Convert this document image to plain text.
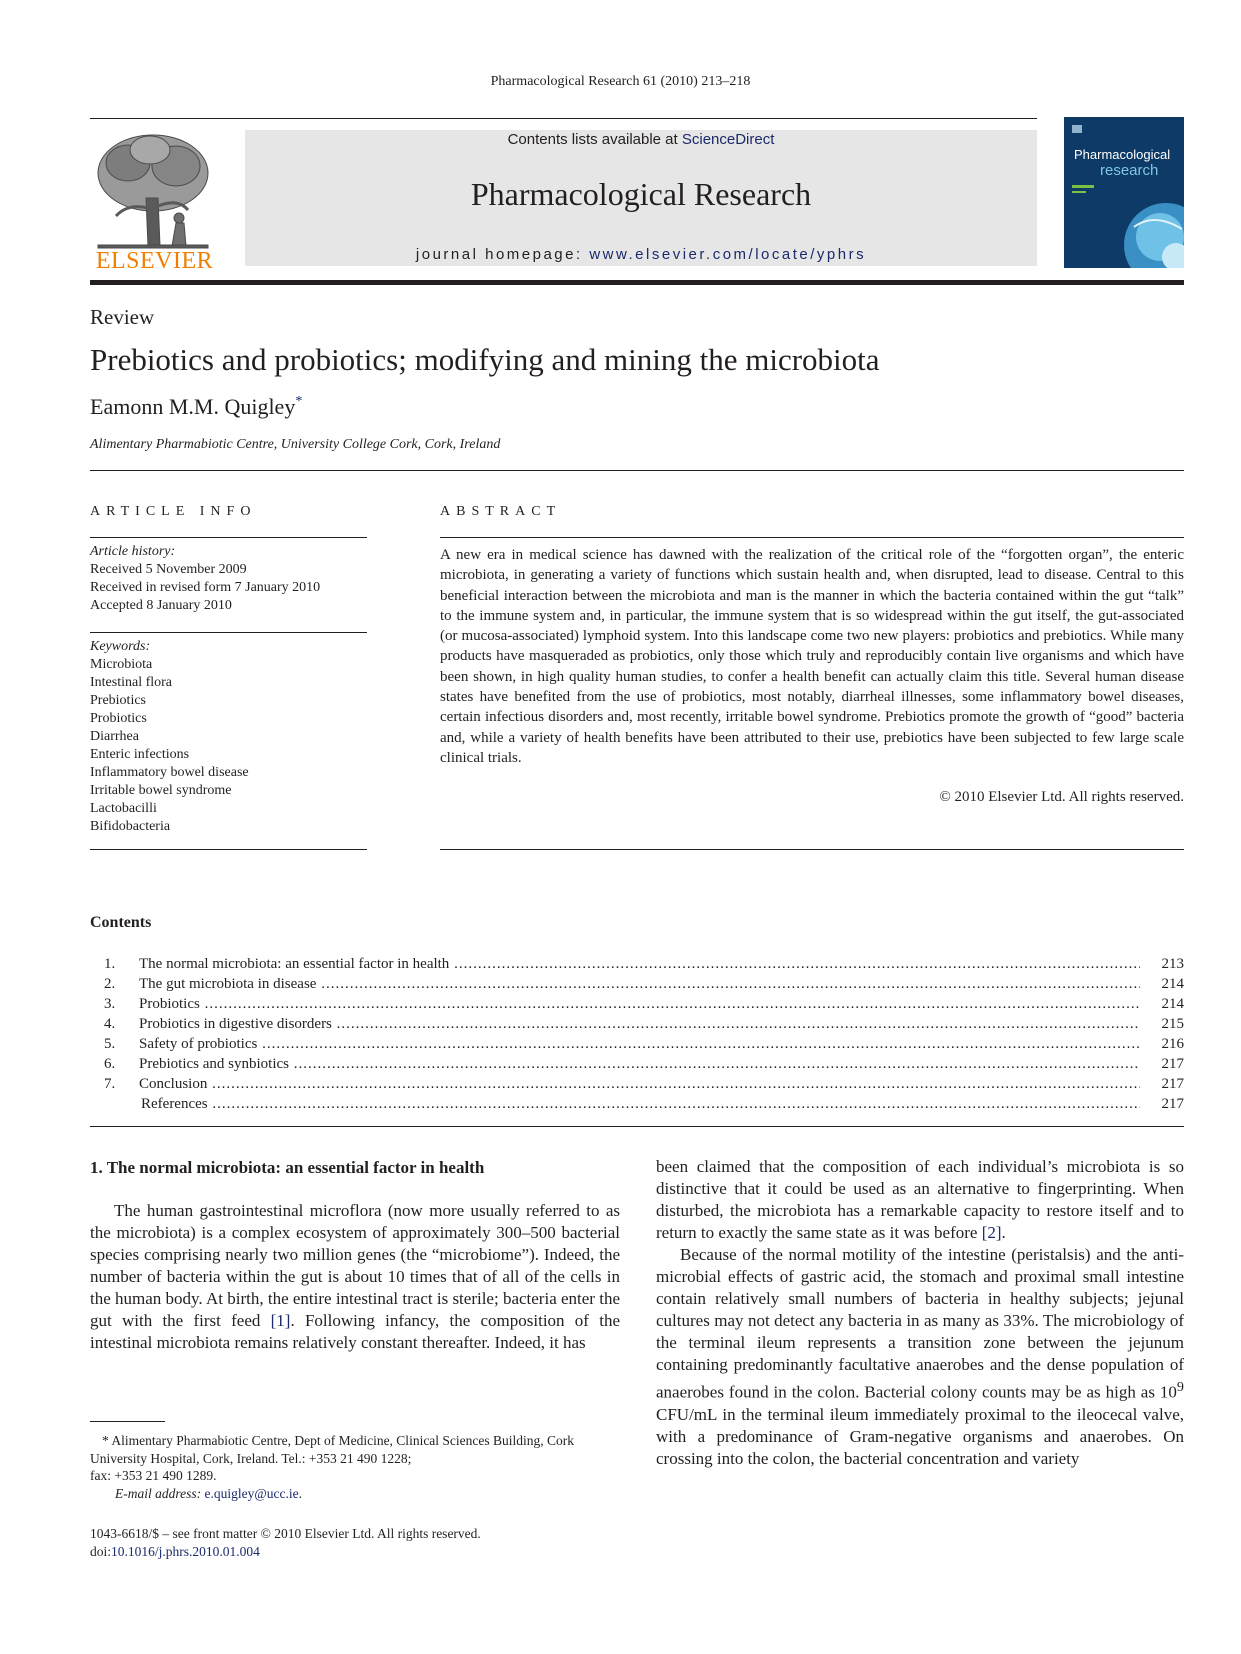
Pharmacological Research 61 (2010) 213–218
ELSEVIER
Contents lists available at ScienceDirect
Pharmacological Research
journal homepage: www.elsevier.com/locate/yphrs
Pharmacological
research
Review
Prebiotics and probiotics; modifying and mining the microbiota
Eamonn M.M. Quigley*
Alimentary Pharmabiotic Centre, University College Cork, Cork, Ireland
ARTICLE INFO
Article history:
Received 5 November 2009
Received in revised form 7 January 2010
Accepted 8 January 2010
Keywords:
Microbiota
Intestinal flora
Prebiotics
Probiotics
Diarrhea
Enteric infections
Inflammatory bowel disease
Irritable bowel syndrome
Lactobacilli
Bifidobacteria
ABSTRACT
A new era in medical science has dawned with the realization of the critical role of the “forgotten organ”, the enteric microbiota, in generating a variety of functions which sustain health and, when disrupted, lead to disease. Central to this beneficial interaction between the microbiota and man is the manner in which the bacteria contained within the gut “talk” to the immune system and, in particular, the immune system that is so widespread within the gut itself, the gut-associated (or mucosa-associated) lymphoid system. Into this landscape come two new players: probiotics and prebiotics. While many products have masqueraded as probiotics, only those which truly and reproducibly contain live organisms and which have been shown, in high quality human studies, to confer a health benefit can actually claim this title. Several human disease states have benefited from the use of probiotics, most notably, diarrheal illnesses, some inflammatory bowel diseases, certain infectious disorders and, most recently, irritable bowel syndrome. Prebiotics promote the growth of “good” bacteria and, while a variety of health benefits have been attributed to their use, prebiotics have been subjected to few large scale clinical trials.
© 2010 Elsevier Ltd. All rights reserved.
Contents
1. The normal microbiota: an essential factor in health .....	213
2. The gut microbiota in disease .....	214
3. Probiotics .....	214
4. Probiotics in digestive disorders .....	215
5. Safety of probiotics .....	216
6. Prebiotics and synbiotics .....	217
7. Conclusion .....	217
References .....	217
1. The normal microbiota: an essential factor in health

The human gastrointestinal microflora (now more usually referred to as the microbiota) is a complex ecosystem of approximately 300–500 bacterial species comprising nearly two million genes (the “microbiome”). Indeed, the number of bacteria within the gut is about 10 times that of all of the cells in the human body. At birth, the entire intestinal tract is sterile; bacteria enter the gut with the first feed [1]. Following infancy, the composition of the intestinal microbiota remains relatively constant thereafter. Indeed, it has

been claimed that the composition of each individual’s microbiota is so distinctive that it could be used as an alternative to fingerprinting. When disturbed, the microbiota has a remarkable capacity to restore itself and to return to exactly the same state as it was before [2].

Because of the normal motility of the intestine (peristalsis) and the anti-microbial effects of gastric acid, the stomach and proximal small intestine contain relatively small numbers of bacteria in healthy subjects; jejunal cultures may not detect any bacteria in as many as 33%. The microbiology of the terminal ileum represents a transition zone between the jejunum containing predominantly facultative anaerobes and the dense population of anaerobes found in the colon. Bacterial colony counts may be as high as $10^9$ CFU/mL in the terminal ileum immediately proximal to the ileocecal valve, with a predominance of Gram-negative organisms and anaerobes. On crossing into the colon, the bacterial concentration and variety

* Alimentary Pharmabiotic Centre, Dept of Medicine, Clinical Sciences Building, Cork University Hospital, Cork, Ireland. Tel.: +353 21 490 1228;
fax: +353 21 490 1289.
E-mail address: e.quigley@ucc.ie.
1043-6618/$ – see front matter © 2010 Elsevier Ltd. All rights reserved.
doi:10.1016/j.phrs.2010.01.004
